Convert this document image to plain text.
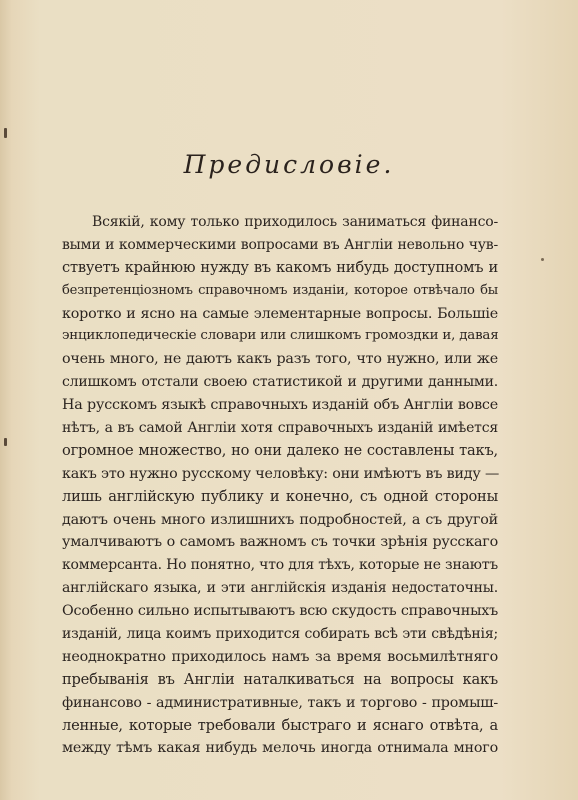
Предисловіе.
Всякій, кому только приходилось заниматься финансо-
выми и коммерческими вопросами въ Англіи невольно чув-
ствуетъ крайнюю нужду въ какомъ нибудь доступномъ и
безпретенціозномъ справочномъ изданіи, которое отвѣчало бы
коротко и ясно на самые элементарные вопросы. Большіе
энциклопедическіе словари или слишкомъ громоздки и, давая
очень много, не даютъ какъ разъ того, что нужно, или же
слишкомъ отстали своею статистикой и другими данными.
На русскомъ языкѣ справочныхъ изданій объ Англіи вовсе
нѣтъ, а въ самой Англіи хотя справочныхъ изданій имѣется
огромное множество, но они далеко не составлены такъ,
какъ это нужно русскому человѣку: они имѣютъ въ виду —
лишь англійскую публику и конечно, съ одной стороны
даютъ очень много излишнихъ подробностей, а съ другой
умалчиваютъ о самомъ важномъ съ точки зрѣнія русскаго
коммерсанта. Но понятно, что для тѣхъ, которые не знаютъ
англійскаго языка, и эти англійскія изданія недостаточны.
Особенно сильно испытываютъ всю скудость справочныхъ
изданій, лица коимъ приходится собирать всѣ эти свѣдѣнія;
неоднократно приходилось намъ за время восьмилѣтняго
пребыванія въ Англіи наталкиваться на вопросы какъ
финансово - административные, такъ и торгово - промыш-
ленные, которые требовали быстраго и яснаго отвѣта, а
между тѣмъ какая нибудь мелочь иногда отнимала много
